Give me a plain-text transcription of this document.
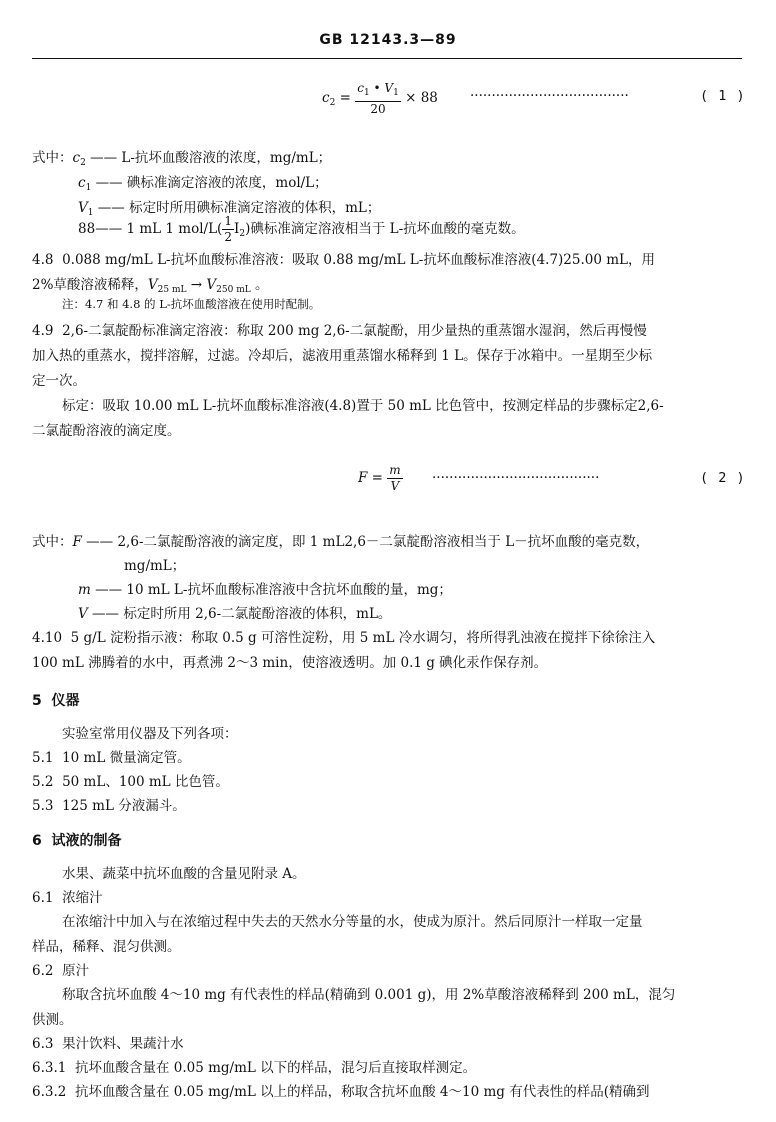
GB 12143.3—89
$c_2 = \frac{c_1 • V_1}{20} \times 88$ ·····································	( 1 )
式中：$c_2$ —— L-抗坏血酸溶液的浓度，mg/mL；
$c_1$ —— 碘标准滴定溶液的浓度，mol/L；
$V_1$ —— 标定时所用碘标准滴定溶液的体积，mL；
88—— 1 mL 1 $mol/L( \frac{1}{2} I_2)$碘标准滴定溶液相当于 L-抗坏血酸的毫克数。
4.8 0.088 mg/mL L-抗坏血酸标准溶液：吸取 0.88 mg/mL L-抗坏血酸标准溶液(4.7)25.00 mL，用
2%草酸溶液稀释，$V_{25 mL} \to V_{250 mL}$ 。
注：4.7 和 4.8 的 L-抗坏血酸溶液在使用时配制。
4.9 2,6-二氯靛酚标准滴定溶液：称取 200 mg 2,6-二氯靛酚，用少量热的重蒸馏水湿润，然后再慢慢
加入热的重蒸水，搅拌溶解，过滤。冷却后，滤液用重蒸馏水稀释到 1 L。保存于冰箱中。一星期至少标
定一次。
标定：吸取 10.00 mL L-抗坏血酸标准溶液(4.8)置于 50 mL 比色管中，按测定样品的步骤标定2,6-
二氯靛酚溶液的滴定度。
$F = \frac{m}{V}$ ·······································	( 2 )
式中：F —— 2,6-二氯靛酚溶液的滴定度，即 1 mL2,6－二氯靛酚溶液相当于 L－抗坏血酸的毫克数，
mg/mL；
m —— 10 mL L-抗坏血酸标准溶液中含抗坏血酸的量，mg；
V —— 标定时所用 2,6-二氯靛酚溶液的体积，mL。
4.10 5 g/L 淀粉指示液：称取 0.5 g 可溶性淀粉，用 5 mL 冷水调匀，将所得乳浊液在搅拌下徐徐注入
100 mL 沸腾着的水中，再煮沸 2～3 min，使溶液透明。加 0.1 g 碘化汞作保存剂。
5 仪器
实验室常用仪器及下列各项：
5.1 10 mL 微量滴定管。
5.2 50 mL、100 mL 比色管。
5.3 125 mL 分液漏斗。
6 试液的制备
水果、蔬菜中抗坏血酸的含量见附录 A。
6.1 浓缩汁
在浓缩汁中加入与在浓缩过程中失去的天然水分等量的水，使成为原汁。然后同原汁一样取一定量
样品，稀释、混匀供测。
6.2 原汁
称取含抗坏血酸 4～10 mg 有代表性的样品(精确到 0.001 g)，用 2%草酸溶液稀释到 200 mL，混匀
供测。
6.3 果汁饮料、果蔬汁水
6.3.1 抗坏血酸含量在 0.05 mg/mL 以下的样品，混匀后直接取样测定。
6.3.2 抗坏血酸含量在 0.05 mg/mL 以上的样品，称取含抗坏血酸 4～10 mg 有代表性的样品(精确到
